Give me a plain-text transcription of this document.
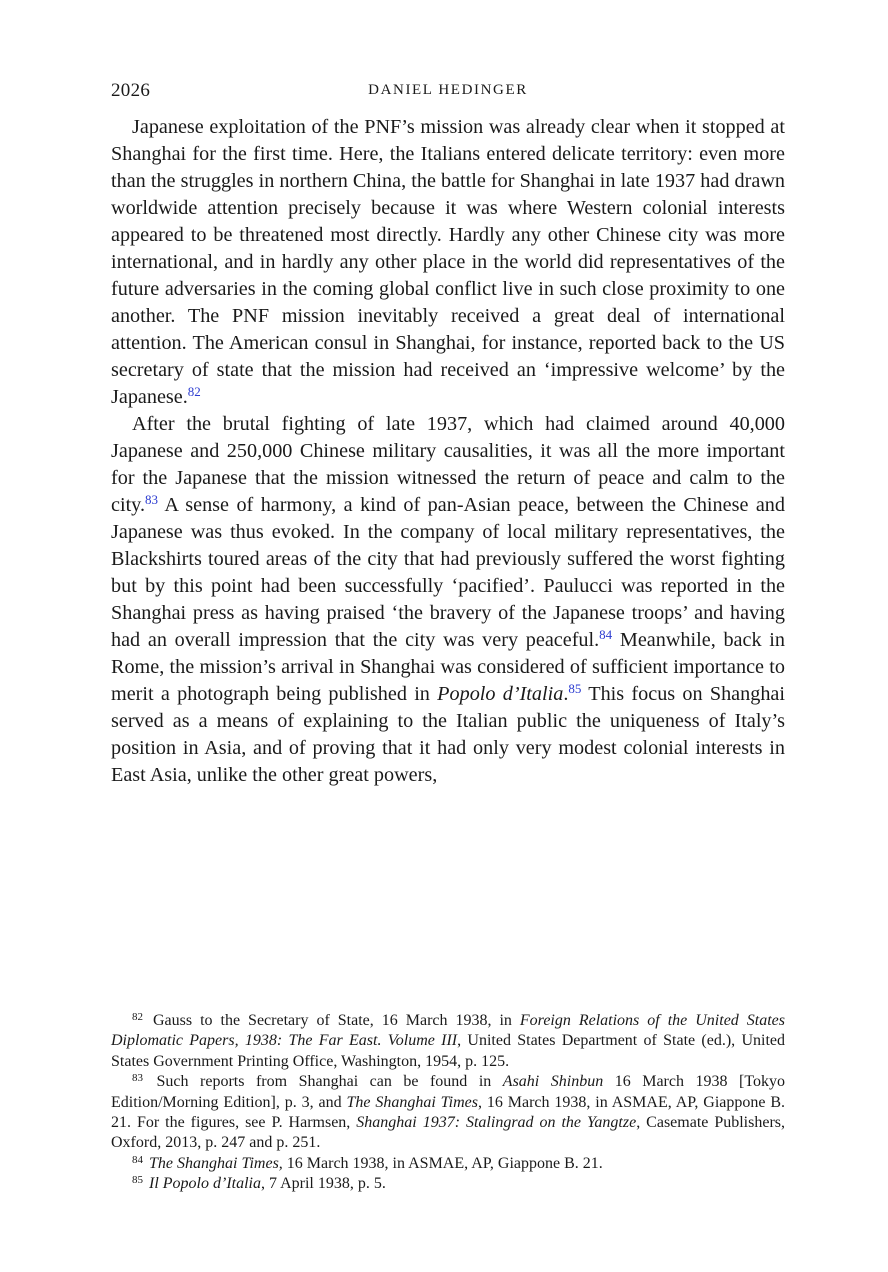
2026	DANIEL HEDINGER

Japanese exploitation of the PNF’s mission was already clear when it stopped at Shanghai for the first time. Here, the Italians entered delicate territory: even more than the struggles in northern China, the battle for Shanghai in late 1937 had drawn worldwide attention precisely because it was where Western colonial interests appeared to be threatened most directly. Hardly any other Chinese city was more international, and in hardly any other place in the world did representatives of the future adversaries in the coming global conflict live in such close proximity to one another. The PNF mission inevitably received a great deal of international attention. The American consul in Shanghai, for instance, reported back to the US secretary of state that the mission had received an ‘impressive welcome’ by the Japanese.$^{82}$

After the brutal fighting of late 1937, which had claimed around 40,000 Japanese and 250,000 Chinese military causalities, it was all the more important for the Japanese that the mission witnessed the return of peace and calm to the city.$^{83}$ A sense of harmony, a kind of pan-Asian peace, between the Chinese and Japanese was thus evoked. In the company of local military representatives, the Blackshirts toured areas of the city that had previously suffered the worst fighting but by this point had been successfully ‘pacified’. Paulucci was reported in the Shanghai press as having praised ‘the bravery of the Japanese troops’ and having had an overall impression that the city was very peaceful.$^{84}$ Meanwhile, back in Rome, the mission’s arrival in Shanghai was considered of sufficient importance to merit a photograph being published in Popolo d’Italia.$^{85}$ This focus on Shanghai served as a means of explaining to the Italian public the uniqueness of Italy’s position in Asia, and of proving that it had only very modest colonial interests in East Asia, unlike the other great powers,

$^{82}$ Gauss to the Secretary of State, 16 March 1938, in Foreign Relations of the United States Diplomatic Papers, 1938: The Far East. Volume III, United States Department of State (ed.), United States Government Printing Office, Washington, 1954, p. 125.

$^{83}$ Such reports from Shanghai can be found in Asahi Shinbun 16 March 1938 [Tokyo Edition/Morning Edition], p. 3, and The Shanghai Times, 16 March 1938, in ASMAE, AP, Giappone B. 21. For the figures, see P. Harmsen, Shanghai 1937: Stalingrad on the Yangtze, Casemate Publishers, Oxford, 2013, p. 247 and p. 251.

$^{84}$ The Shanghai Times, 16 March 1938, in ASMAE, AP, Giappone B. 21.

$^{85}$ Il Popolo d’Italia, 7 April 1938, p. 5.
